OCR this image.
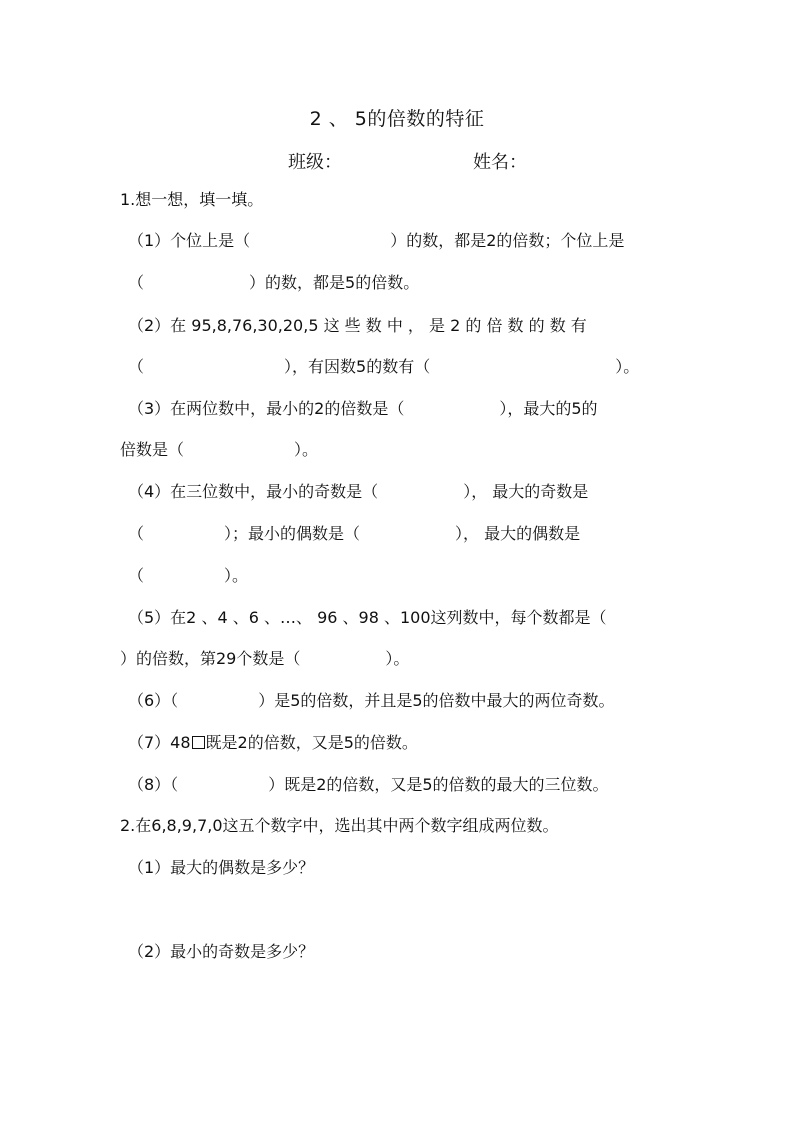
2 、 5的倍数的特征
班级：	姓名：
1.想一想，填一填。
（1）个位上是（	）的数，都是2的倍数；个位上是
（	）的数，都是5的倍数。
（2）在 95,8,76,30,20,5 这 些 数 中 ， 是 2 的 倍 数 的 数 有
（	），有因数5的数有（	）。
（3）在两位数中，最小的2的倍数是（	），最大的5的
倍数是（	）。
（4）在三位数中，最小的奇数是（	）， 最大的奇数是
（	）；最小的偶数是（	）， 最大的偶数是
（	）。
（5）在2 、4 、6 、…、 96 、98 、100这列数中，每个数都是（
）的倍数，第29个数是（	）。
（6）（	）是5的倍数，并且是5的倍数中最大的两位奇数。
（7）48 既是2的倍数，又是5的倍数。
（8）（	）既是2的倍数，又是5的倍数的最大的三位数。
2.在6,8,9,7,0这五个数字中，选出其中两个数字组成两位数。
（1）最大的偶数是多少？
（2）最小的奇数是多少？
